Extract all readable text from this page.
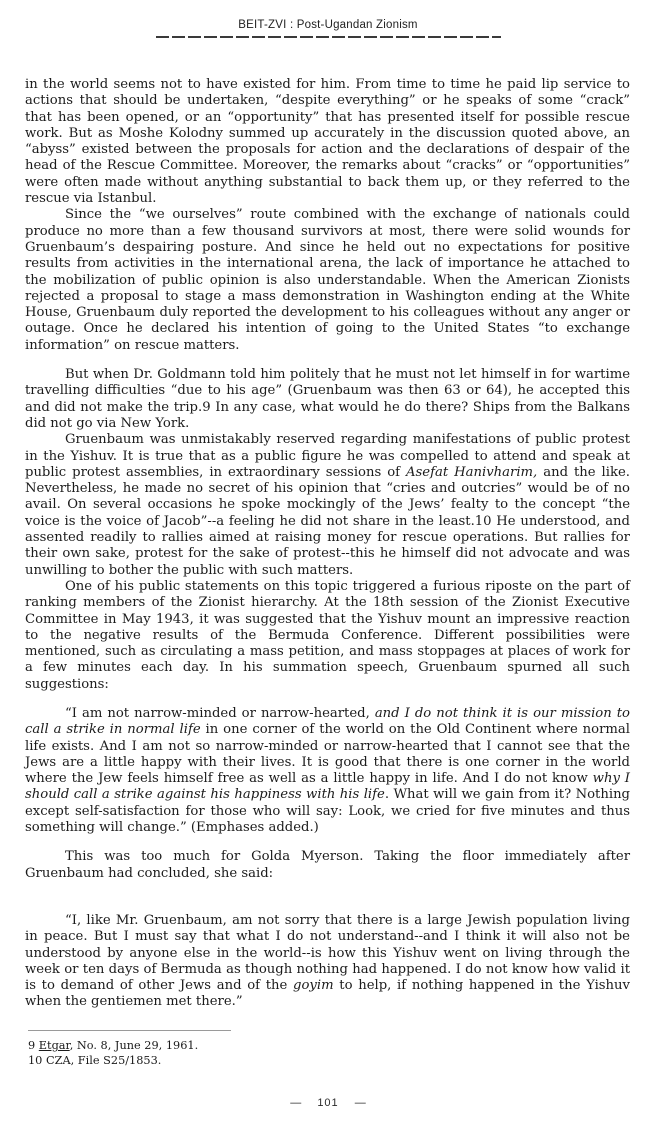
BEIT-ZVI : Post-Ugandan Zionism

in the world seems not to have existed for him. From time to time he paid lip service to actions that should be undertaken, “despite everything” or he speaks of some “crack” that has been opened, or an “opportunity” that has presented itself for possible rescue work. But as Moshe Kolodny summed up accurately in the discussion quoted above, an “abyss” existed between the proposals for action and the declarations of despair of the head of the Rescue Committee. Moreover, the remarks about “cracks” or “opportunities” were often made without anything substantial to back them up, or they referred to the rescue via Istanbul.

Since the “we ourselves” route combined with the exchange of nationals could produce no more than a few thousand survivors at most, there were solid wounds for Gruenbaum’s despairing posture. And since he held out no expectations for positive results from activities in the international arena, the lack of importance he attached to the mobilization of public opinion is also understandable. When the American Zionists rejected a proposal to stage a mass demonstration in Washington ending at the White House, Gruenbaum duly reported the development to his colleagues without any anger or outage. Once he declared his intention of going to the United States “to exchange information” on rescue matters.

But when Dr. Goldmann told him politely that he must not let himself in for wartime travelling difficulties “due to his age” (Gruenbaum was then 63 or 64), he accepted this and did not make the trip.9 In any case, what would he do there? Ships from the Balkans did not go via New York.

Gruenbaum was unmistakably reserved regarding manifestations of public protest in the Yishuv. It is true that as a public figure he was compelled to attend and speak at public protest assemblies, in extraordinary sessions of Asefat Hanivharim, and the like. Nevertheless, he made no secret of his opinion that “cries and outcries” would be of no avail. On several occasions he spoke mockingly of the Jews’ fealty to the concept “the voice is the voice of Jacob”--a feeling he did not share in the least.10 He understood, and assented readily to rallies aimed at raising money for rescue operations. But rallies for their own sake, protest for the sake of protest--this he himself did not advocate and was unwilling to bother the public with such matters.

One of his public statements on this topic triggered a furious riposte on the part of ranking members of the Zionist hierarchy. At the 18th session of the Zionist Executive Committee in May 1943, it was suggested that the Yishuv mount an impressive reaction to the negative results of the Bermuda Conference. Different possibilities were mentioned, such as circulating a mass petition, and mass stoppages at places of work for a few minutes each day. In his summation speech, Gruenbaum spurned all such suggestions:

“I am not narrow-minded or narrow-hearted, and I do not think it is our mission to call a strike in normal life in one corner of the world on the Old Continent where normal life exists. And I am not so narrow-minded or narrow-hearted that I cannot see that the Jews are a little happy with their lives. It is good that there is one corner in the world where the Jew feels himself free as well as a little happy in life. And I do not know why I should call a strike against his happiness with his life. What will we gain from it? Nothing except self-satisfaction for those who will say: Look, we cried for five minutes and thus something will change.” (Emphases added.)

This was too much for Golda Myerson. Taking the floor immediately after Gruenbaum had concluded, she said:

“I, like Mr. Gruenbaum, am not sorry that there is a large Jewish population living in peace. But I must say that what I do not understand--and I think it will also not be understood by anyone else in the world--is how this Yishuv went on living through the week or ten days of Bermuda as though nothing had happened. I do not know how valid it is to demand of other Jews and of the goyim to help, if nothing happened in the Yishuv when the gentiemen met there.”

9 Etgar, No. 8, June 29, 1961.

10 CZA, File S25/1853.

— 101 —
